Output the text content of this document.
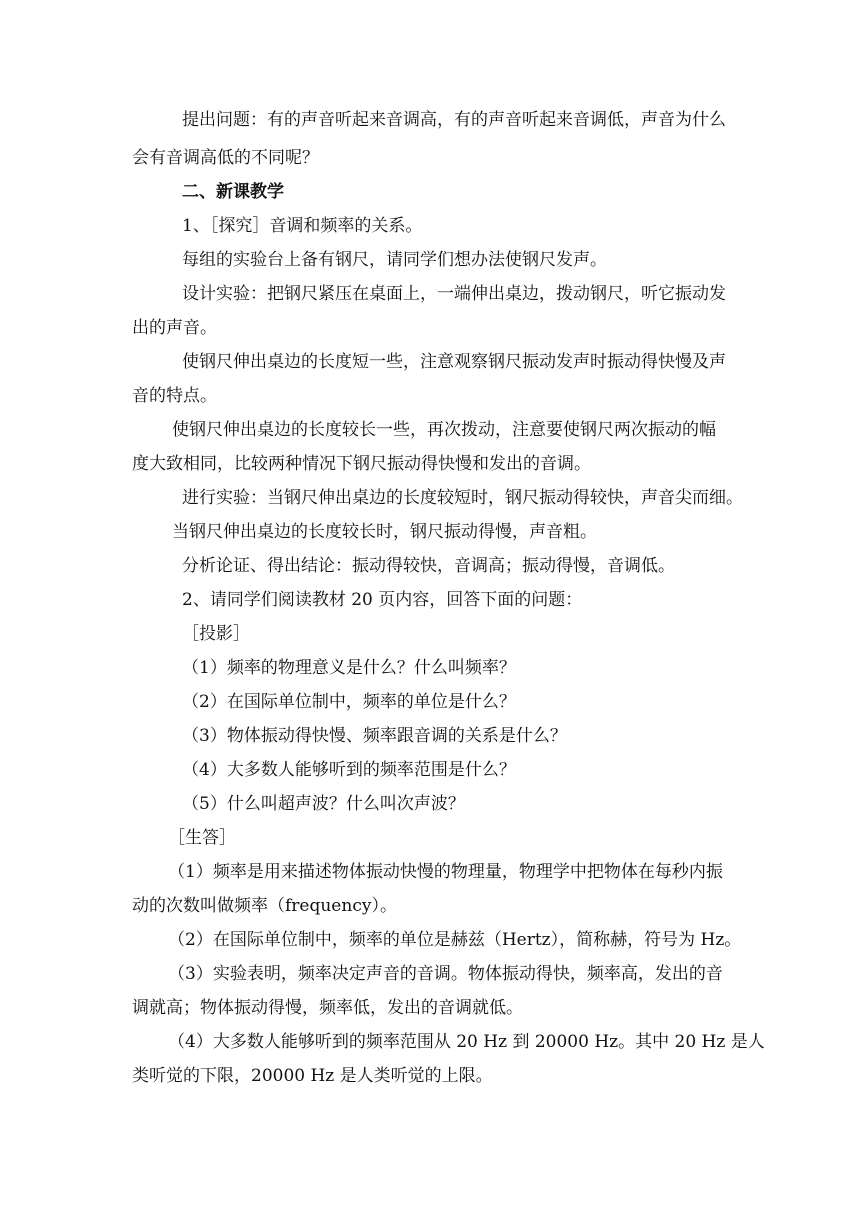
提出问题：有的声音听起来音调高，有的声音听起来音调低，声音为什么

会有音调高低的不同呢？

二、新课教学

1、［探究］音调和频率的关系。

每组的实验台上备有钢尺，请同学们想办法使钢尺发声。

设计实验：把钢尺紧压在桌面上，一端伸出桌边，拨动钢尺，听它振动发

出的声音。

使钢尺伸出桌边的长度短一些，注意观察钢尺振动发声时振动得快慢及声

音的特点。

使钢尺伸出桌边的长度较长一些，再次拨动，注意要使钢尺两次振动的幅

度大致相同，比较两种情况下钢尺振动得快慢和发出的音调。

进行实验：当钢尺伸出桌边的长度较短时，钢尺振动得较快，声音尖而细。

当钢尺伸出桌边的长度较长时，钢尺振动得慢，声音粗。

分析论证、得出结论：振动得较快，音调高；振动得慢，音调低。

2、请同学们阅读教材 20 页内容，回答下面的问题：

［投影］

（1）频率的物理意义是什么？什么叫频率？

（2）在国际单位制中，频率的单位是什么？

（3）物体振动得快慢、频率跟音调的关系是什么？

（4）大多数人能够听到的频率范围是什么？

（5）什么叫超声波？什么叫次声波？

［生答］

（1）频率是用来描述物体振动快慢的物理量，物理学中把物体在每秒内振

动的次数叫做频率（frequency）。

（2）在国际单位制中，频率的单位是赫兹（Hertz），简称赫，符号为 Hz。

（3）实验表明，频率决定声音的音调。物体振动得快，频率高，发出的音

调就高；物体振动得慢，频率低，发出的音调就低。

（4）大多数人能够听到的频率范围从 20 Hz 到 20000 Hz。其中 20 Hz 是人

类听觉的下限，20000 Hz 是人类听觉的上限。
